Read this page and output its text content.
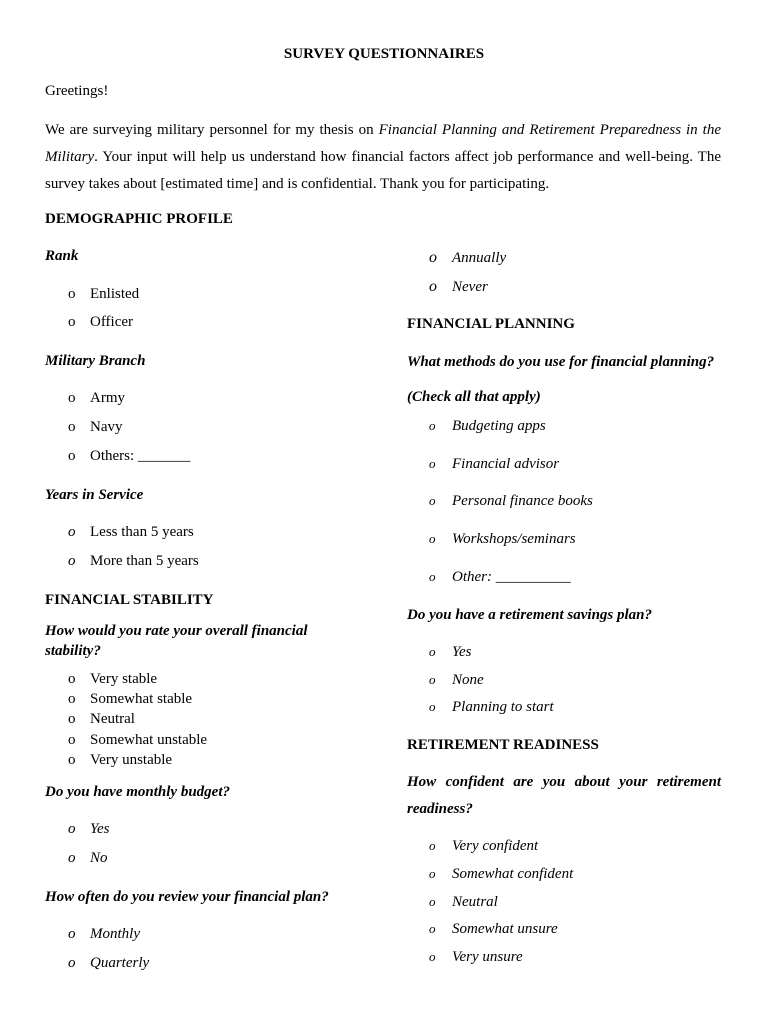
SURVEY QUESTIONNAIRES
Greetings!
We are surveying military personnel for my thesis on Financial Planning and Retirement Preparedness in the Military. Your input will help us understand how financial factors affect job performance and well-being. The survey takes about [estimated time] and is confidential. Thank you for participating.
DEMOGRAPHIC PROFILE
Rank
o Enlisted
o Officer
Military Branch
o Army
o Navy
o Others: _______
Years in Service
o Less than 5 years
o More than 5 years
FINANCIAL STABILITY
How would you rate your overall financial stability?
o Very stable
o Somewhat stable
o Neutral
o Somewhat unstable
o Very unstable
Do you have monthly budget?
o Yes
o No
How often do you review your financial plan?
o Monthly
o Quarterly
o Annually
o Never
FINANCIAL PLANNING
What methods do you use for financial planning? (Check all that apply)
o Budgeting apps
o Financial advisor
o Personal finance books
o Workshops/seminars
o Other: __________
Do you have a retirement savings plan?
o Yes
o None
o Planning to start
RETIREMENT READINESS
How confident are you about your retirement readiness?
o Very confident
o Somewhat confident
o Neutral
o Somewhat unsure
o Very unsure
